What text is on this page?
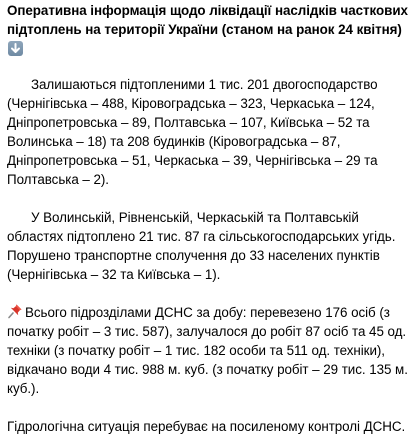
Оперативна інформація щодо ліквідації наслідків часткових
підтоплень на території України (станом на ранок 24 квітня)
Залишаються підтопленими 1 тис. 201 двогосподарство
(Чернігівська – 488, Кіровоградська – 323, Черкаська – 124,
Дніпропетровська – 89, Полтавська – 107, Київська – 52 та
Волинська – 18) та 208 будинків (Кіровоградська – 87,
Дніпропетровська – 51, Черкаська – 39, Чернігівська – 29 та
Полтавська – 2).
У Волинській, Рівненській, Черкаській та Полтавській
областях підтоплено 21 тис. 87 га сільськогосподарських угідь.
Порушено транспортне сполучення до 33 населених пунктів
(Чернігівська – 32 та Київська – 1).
Всього підрозділами ДСНС за добу: перевезено 176 осіб (з
початку робіт – 3 тис. 587), залучалося до робіт 87 осіб та 45 од.
техніки (з початку робіт – 1 тис. 182 особи та 511 од. техніки),
відкачано води 4 тис. 988 м. куб. (з початку робіт – 29 тис. 135 м.
куб.).
Гідрологічна ситуація перебуває на посиленому контролі ДСНС.
